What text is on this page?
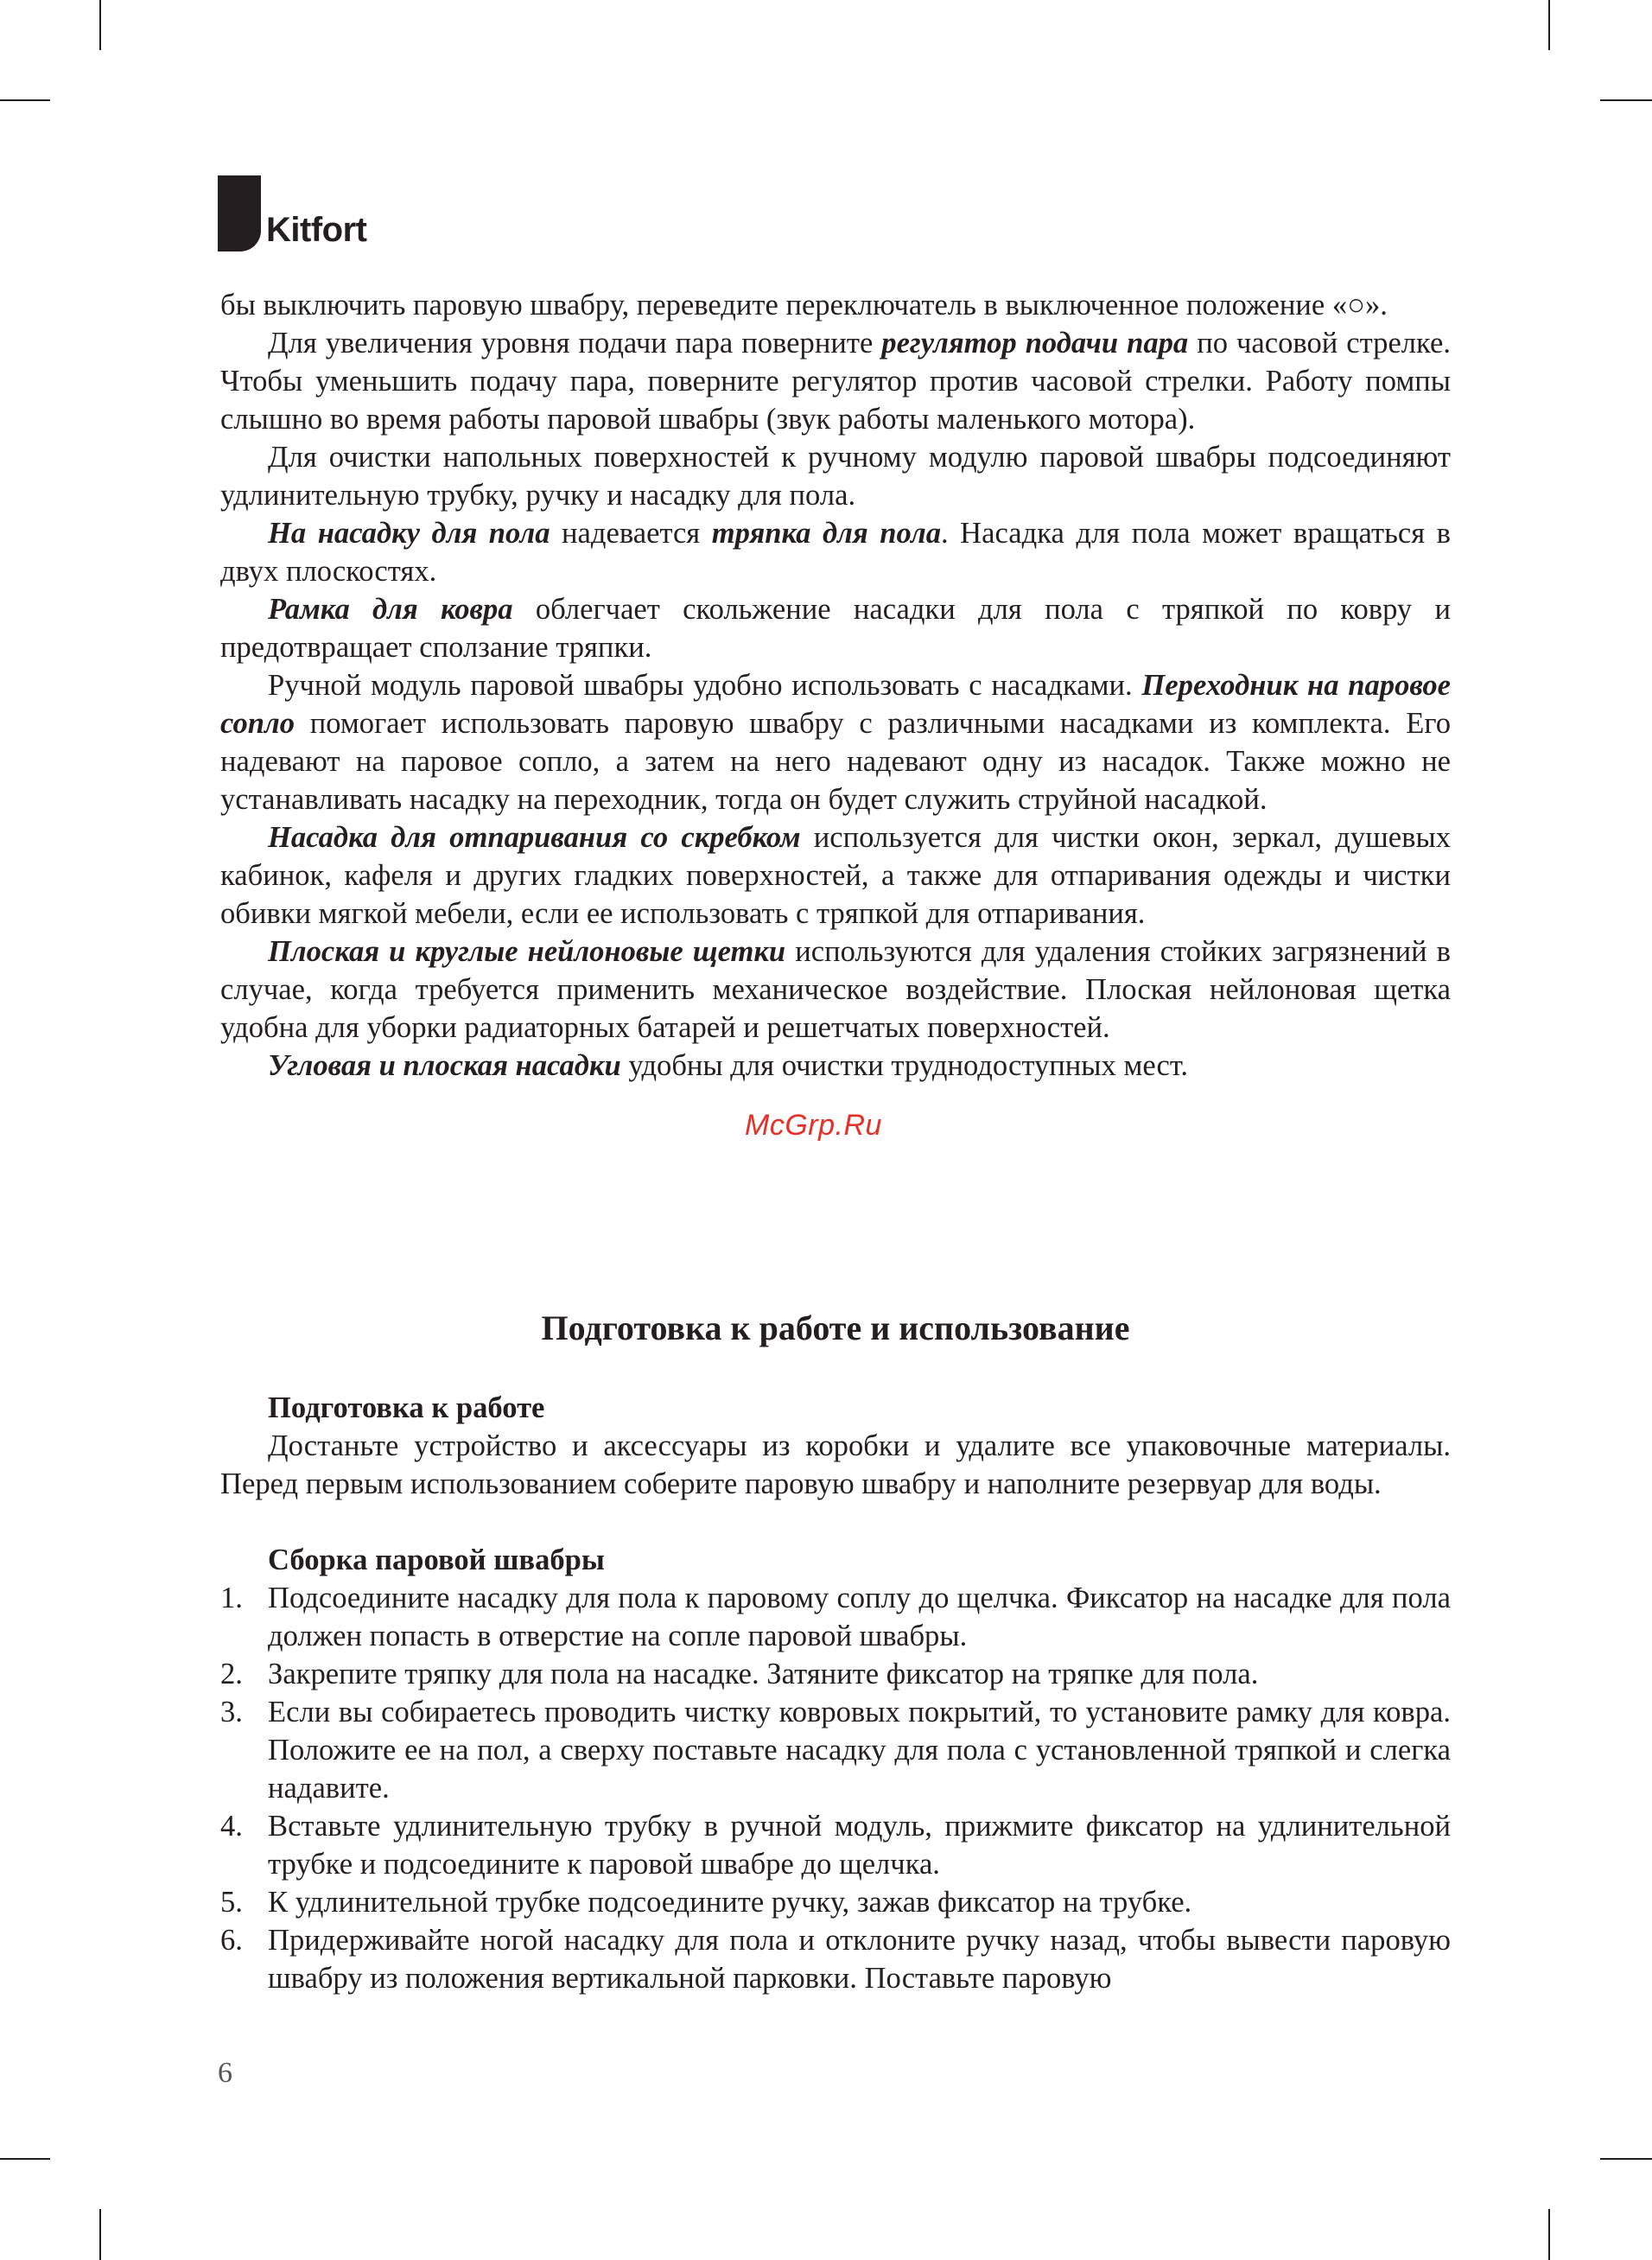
Kitfort

бы выключить паровую швабру, переведите переключатель в выключенное положение «○».

Для увеличения уровня подачи пара поверните регулятор подачи пара по часовой стрелке. Чтобы уменьшить подачу пара, поверните регулятор против часовой стрелки. Работу помпы слышно во время работы паровой швабры (звук работы маленького мотора).

Для очистки напольных поверхностей к ручному модулю паровой швабры подсоединяют удлинительную трубку, ручку и насадку для пола.

На насадку для пола надевается тряпка для пола. Насадка для пола может вращаться в двух плоскостях.

Рамка для ковра облегчает скольжение насадки для пола с тряпкой по ковру и предотвращает сползание тряпки.

Ручной модуль паровой швабры удобно использовать с насадками. Переходник на паровое сопло помогает использовать паровую швабру с различными насадками из комплекта. Его надевают на паровое сопло, а затем на него надевают одну из насадок. Также можно не устанавливать насадку на переходник, тогда он будет служить струйной насадкой.

Насадка для отпаривания со скребком используется для чистки окон, зеркал, душевых кабинок, кафеля и других гладких поверхностей, а также для отпаривания одежды и чистки обивки мягкой мебели, если ее использовать с тряпкой для отпаривания.

Плоская и круглые нейлоновые щетки используются для удаления стойких загрязнений в случае, когда требуется применить механическое воздействие. Плоская нейлоновая щетка удобна для уборки радиаторных батарей и решетчатых поверхностей.

Угловая и плоская насадки удобны для очистки труднодоступных мест.

Подготовка к работе и использование
Подготовка к работе

Достаньте устройство и аксессуары из коробки и удалите все упаковочные материалы. Перед первым использованием соберите паровую швабру и наполните резервуар для воды.

Сборка паровой швабры
1. Подсоедините насадку для пола к паровому соплу до щелчка. Фиксатор на насадке для пола должен попасть в отверстие на сопле паровой швабры.
2. Закрепите тряпку для пола на насадке. Затяните фиксатор на тряпке для пола.
3. Если вы собираетесь проводить чистку ковровых покрытий, то установите рамку для ковра. Положите ее на пол, а сверху поставьте насадку для пола с установленной тряпкой и слегка надавите.
4. Вставьте удлинительную трубку в ручной модуль, прижмите фиксатор на удлинительной трубке и подсоедините к паровой швабре до щелчка.
5. К удлинительной трубке подсоедините ручку, зажав фиксатор на трубке.
6. Придерживайте ногой насадку для пола и отклоните ручку назад, чтобы вывести паровую швабру из положения вертикальной парковки. Поставьте паровую
McGrp.Ru
6
